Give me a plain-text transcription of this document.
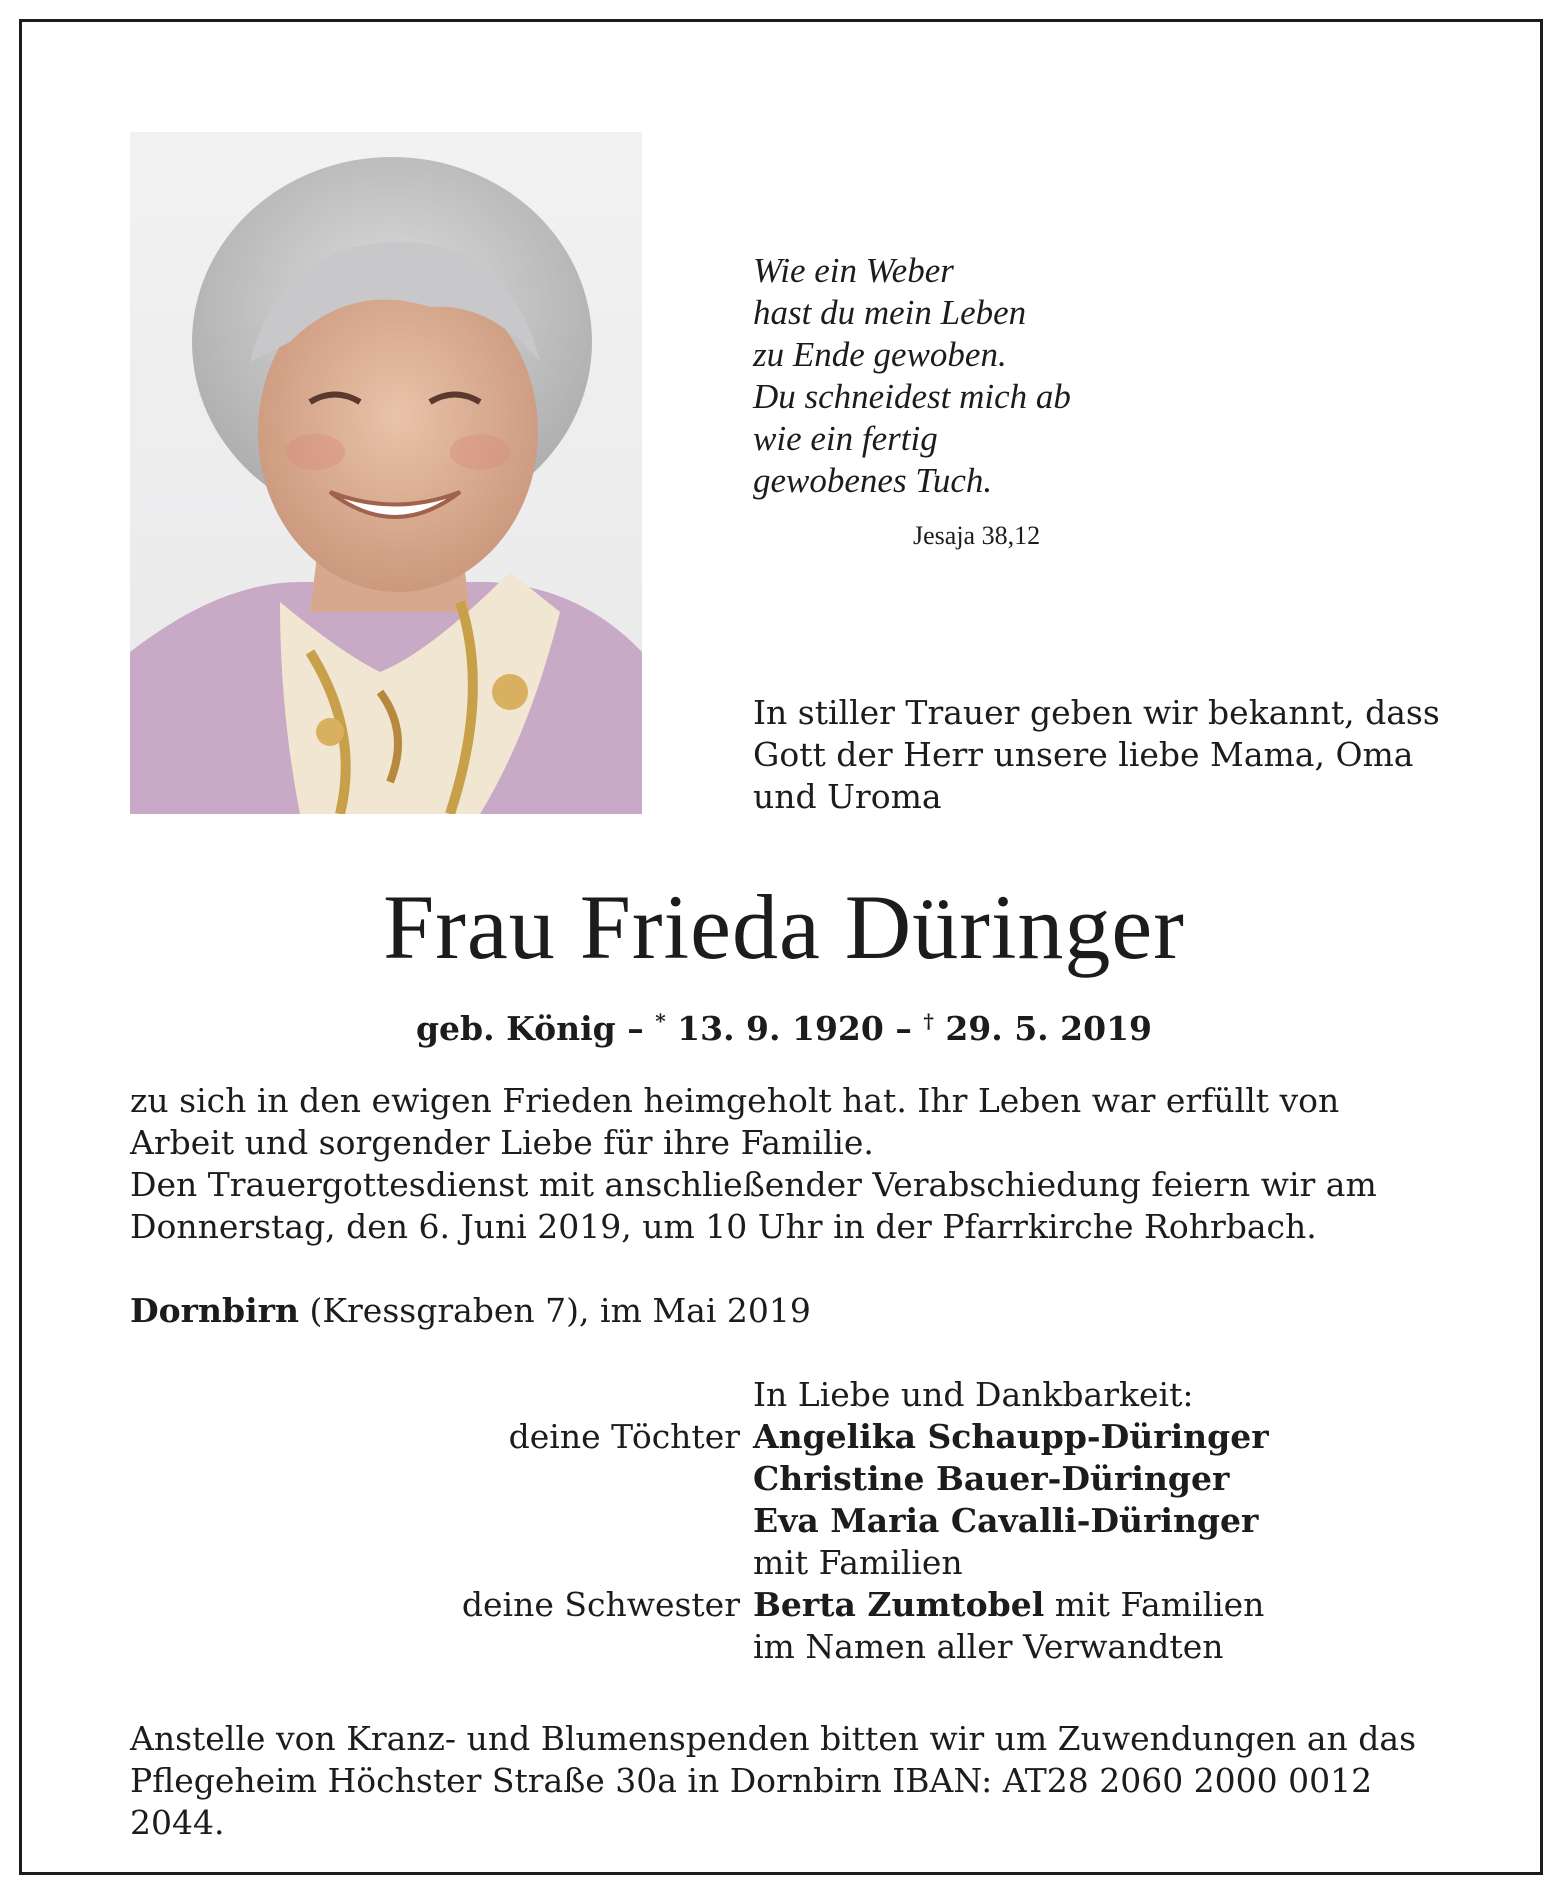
Wie ein Weber
hast du mein Leben
zu Ende gewoben.
Du schneidest mich ab
wie ein fertig
gewobenes Tuch.
Jesaja 38,12
In stiller Trauer geben wir bekannt, dass
Gott der Herr unsere liebe Mama, Oma
und Uroma
Frau Frieda Düringer
geb. König – * 13. 9. 1920 – † 29. 5. 2019
zu sich in den ewigen Frieden heimgeholt hat. Ihr Leben war erfüllt von
Arbeit und sorgender Liebe für ihre Familie.
Den Trauergottesdienst mit anschließender Verabschiedung feiern wir am
Donnerstag, den 6. Juni 2019, um 10 Uhr in der Pfarrkirche Rohrbach.
Dornbirn (Kressgraben 7), im Mai 2019
In Liebe und Dankbarkeit:
deine Töchter Angelika Schaupp-Düringer
Christine Bauer-Düringer
Eva Maria Cavalli-Düringer
mit Familien
deine Schwester Berta Zumtobel mit Familien
im Namen aller Verwandten
Anstelle von Kranz- und Blumenspenden bitten wir um Zuwendungen an das
Pflegeheim Höchster Straße 30a in Dornbirn IBAN: AT28 2060 2000 0012
2044.
